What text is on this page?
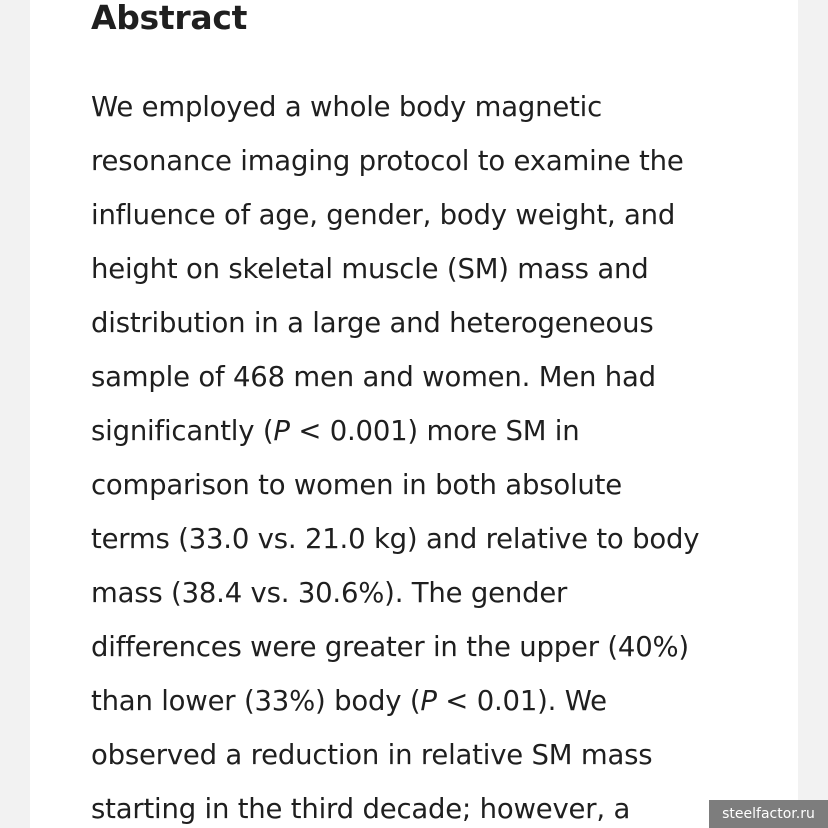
Abstract
We employed a whole body magnetic
resonance imaging protocol to examine the
influence of age, gender, body weight, and
height on skeletal muscle (SM) mass and
distribution in a large and heterogeneous
sample of 468 men and women. Men had
significantly (P < 0.001) more SM in
comparison to women in both absolute
terms (33.0 vs. 21.0 kg) and relative to body
mass (38.4 vs. 30.6%). The gender
differences were greater in the upper (40%)
than lower (33%) body (P < 0.01). We
observed a reduction in relative SM mass
starting in the third decade; however, a	steelfactor.ru
